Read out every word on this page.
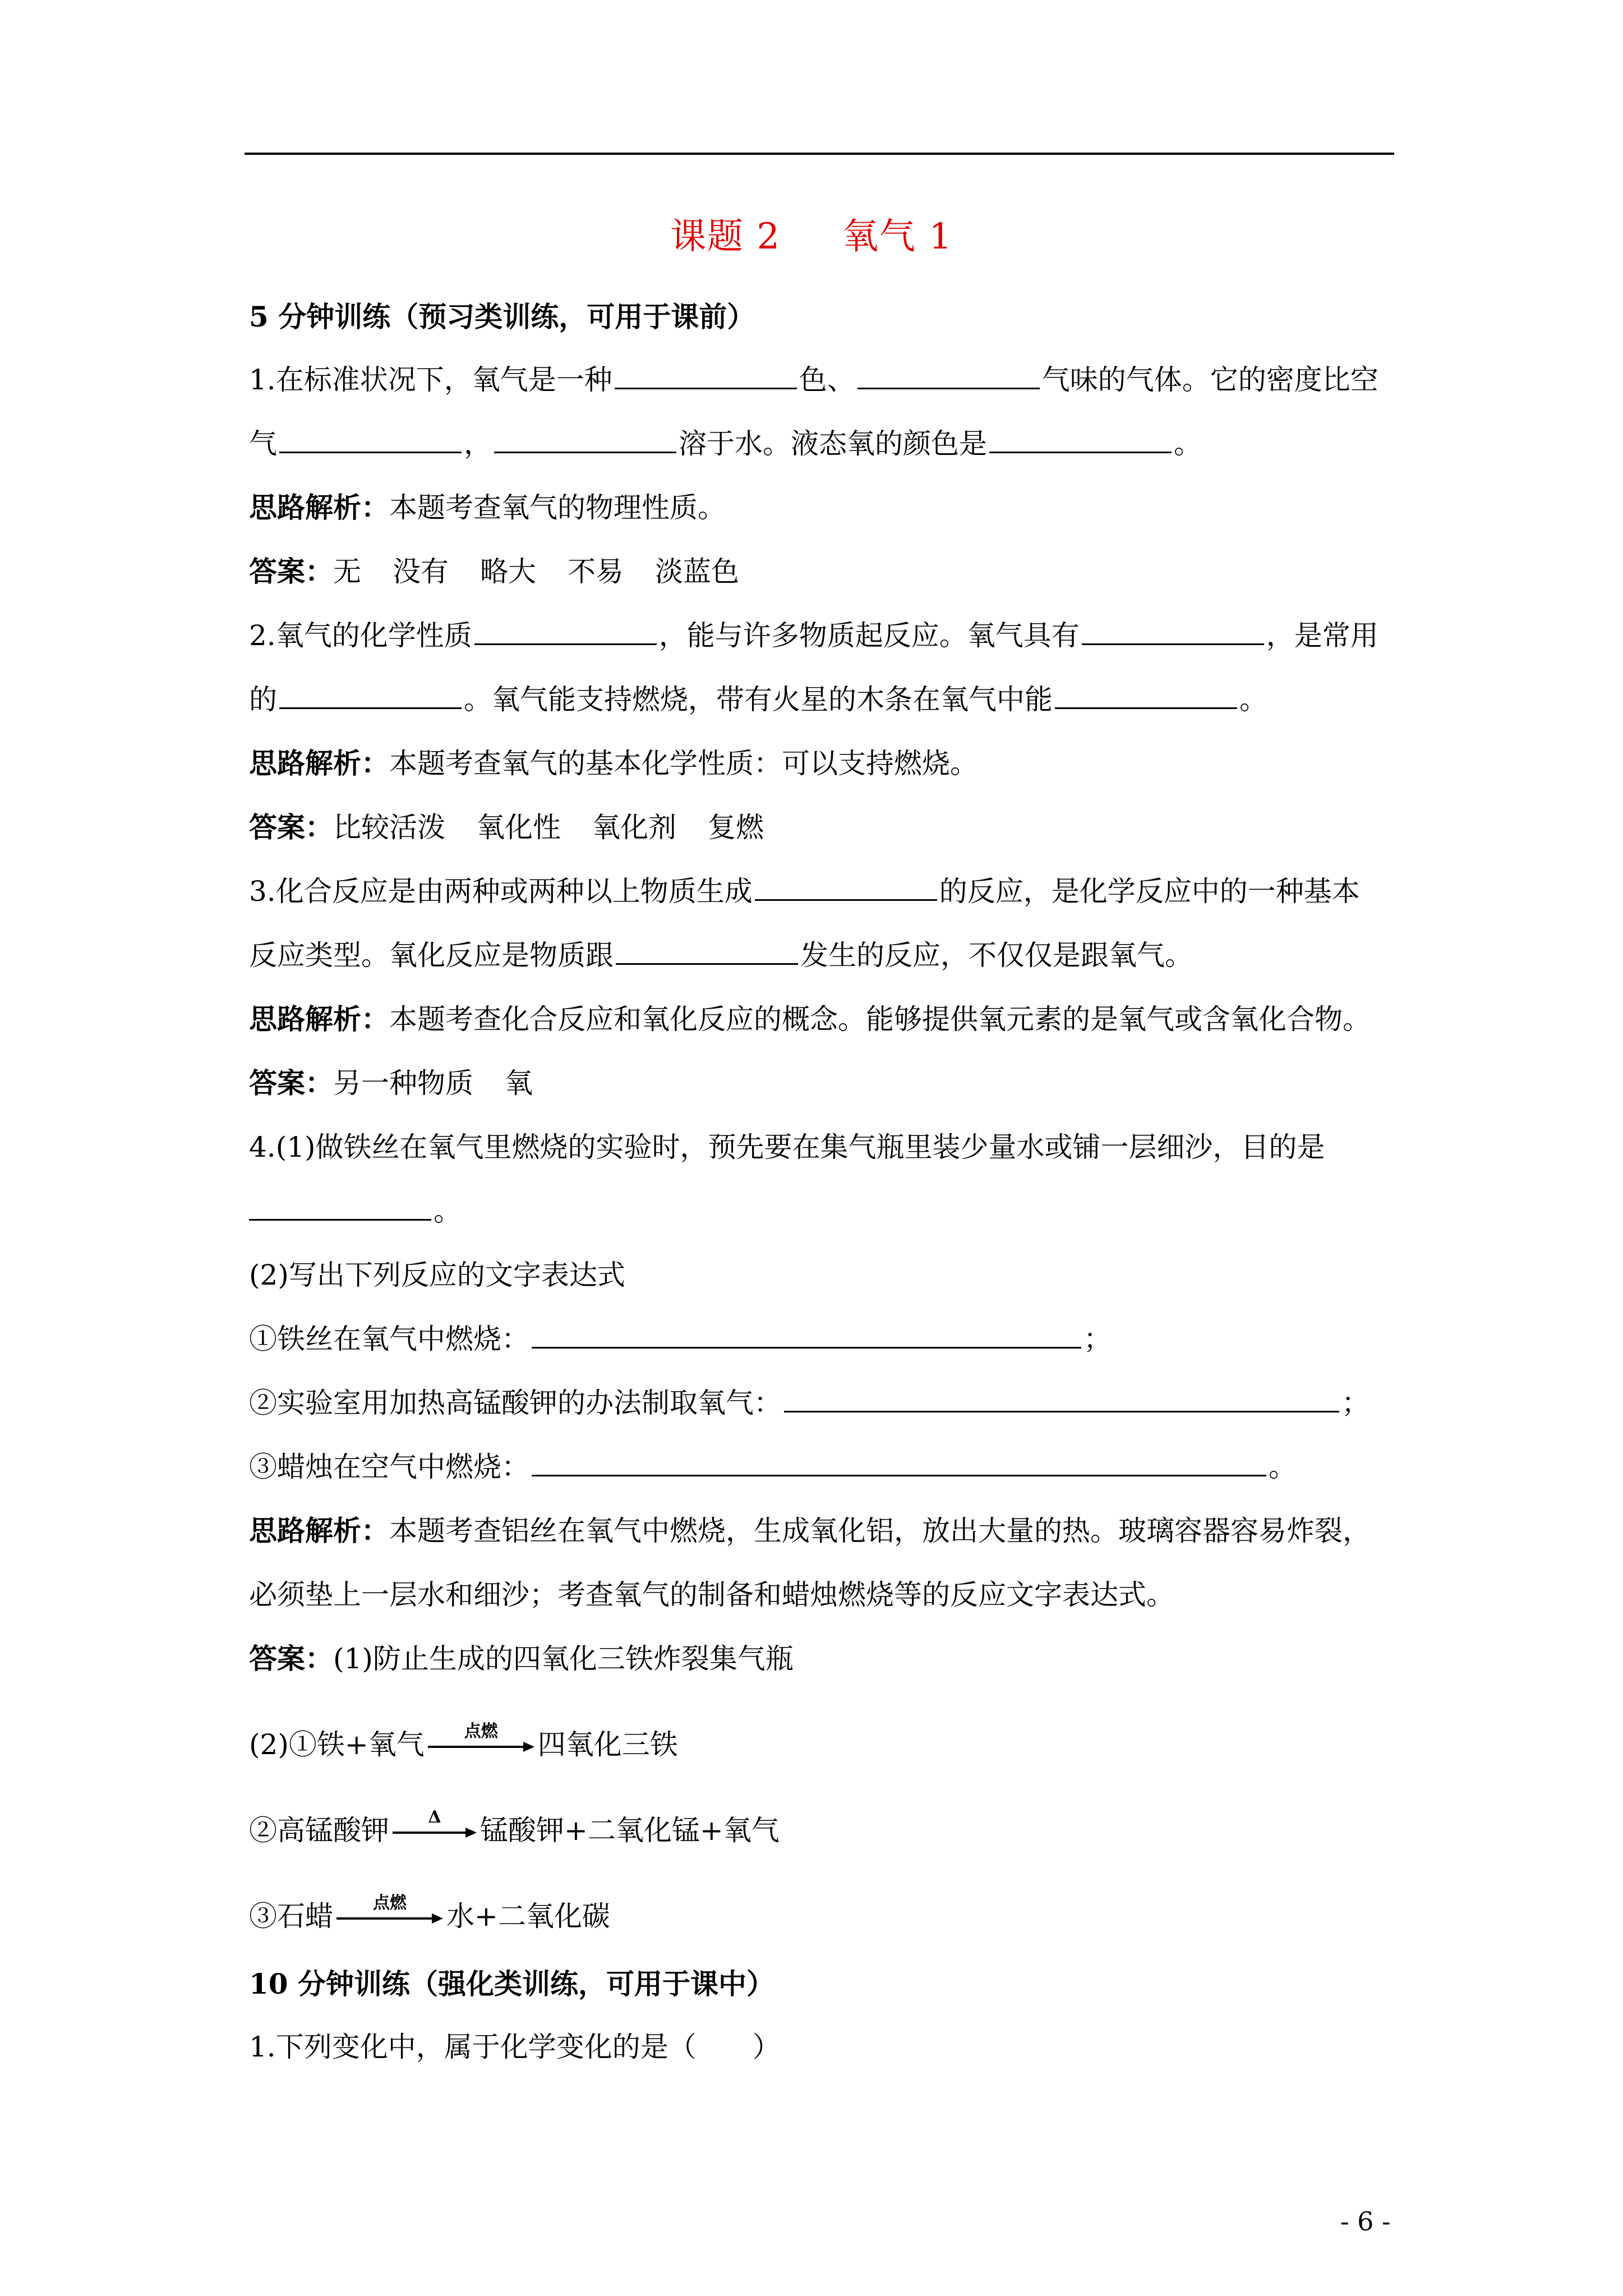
课题 2 氧气 1
5 分钟训练（预习类训练，可用于课前）
1.在标准状况下，氧气是一种	色、	气味的气体。它的密度比空
气	，	溶于水。液态氧的颜色是	。
思路解析：本题考查氧气的物理性质。
答案：无 没有 略大 不易 淡蓝色
2.氧气的化学性质	，能与许多物质起反应。氧气具有	，是常用
的	。氧气能支持燃烧，带有火星的木条在氧气中能	。
思路解析：本题考查氧气的基本化学性质：可以支持燃烧。
答案：比较活泼 氧化性 氧化剂 复燃
3.化合反应是由两种或两种以上物质生成	的反应，是化学反应中的一种基本
反应类型。氧化反应是物质跟	发生的反应，不仅仅是跟氧气。
思路解析：本题考查化合反应和氧化反应的概念。能够提供氧元素的是氧气或含氧化合物。
答案：另一种物质 氧
4.(1)做铁丝在氧气里燃烧的实验时，预先要在集气瓶里装少量水或铺一层细沙，目的是
。
(2)写出下列反应的文字表达式
①铁丝在氧气中燃烧：	；
②实验室用加热高锰酸钾的办法制取氧气：	；
③蜡烛在空气中燃烧：	。
思路解析：本题考查铝丝在氧气中燃烧，生成氧化铝，放出大量的热。玻璃容器容易炸裂，
必须垫上一层水和细沙；考查氧气的制备和蜡烛燃烧等的反应文字表达式。
答案：(1)防止生成的四氧化三铁炸裂集气瓶
(2)①铁+氧气	点燃	四氧化三铁
②高锰酸钾	Δ	锰酸钾+二氧化锰+氧气
③石蜡	点燃	水+二氧化碳
10 分钟训练（强化类训练，可用于课中）
1.下列变化中，属于化学变化的是（　　）
- 6 -
